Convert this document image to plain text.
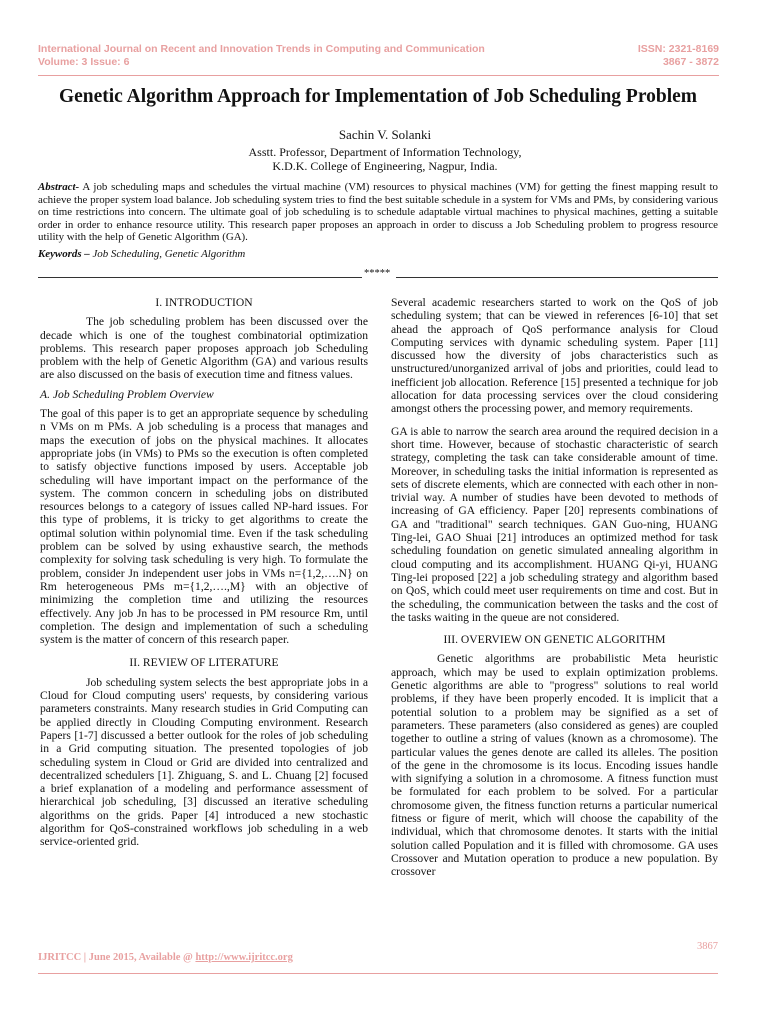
International Journal on Recent and Innovation Trends in Computing and Communication
Volume: 3 Issue: 6
ISSN: 2321-8169
3867 - 3872
Genetic Algorithm Approach for Implementation of Job Scheduling Problem
Sachin V. Solanki
Asstt. Professor, Department of Information Technology,
K.D.K. College of Engineering, Nagpur, India.
Abstract- A job scheduling maps and schedules the virtual machine (VM) resources to physical machines (VM) for getting the finest mapping result to achieve the proper system load balance. Job scheduling system tries to find the best suitable schedule in a system for VMs and PMs, by considering various on time restrictions into concern. The ultimate goal of job scheduling is to schedule adaptable virtual machines to physical machines, getting a suitable order in order to enhance resource utility. This research paper proposes an approach in order to discuss a Job Scheduling problem to progress resource utility with the help of Genetic Algorithm (GA).
Keywords – Job Scheduling, Genetic Algorithm
*****

I. INTRODUCTION

The job scheduling problem has been discussed over the decade which is one of the toughest combinatorial optimization problems. This research paper proposes approach job Scheduling problem with the help of Genetic Algorithm (GA) and various results are also discussed on the basis of execution time and fitness values.

A. Job Scheduling Problem Overview

The goal of this paper is to get an appropriate sequence by scheduling n VMs on m PMs. A job scheduling is a process that manages and maps the execution of jobs on the physical machines. It allocates appropriate jobs (in VMs) to PMs so the execution is often completed to satisfy objective functions imposed by users. Acceptable job scheduling will have important impact on the performance of the system. The common concern in scheduling jobs on distributed resources belongs to a category of issues called NP-hard issues. For this type of problems, it is tricky to get algorithms to create the optimal solution within polynomial time. Even if the task scheduling problem can be solved by using exhaustive search, the methods complexity for solving task scheduling is very high. To formulate the problem, consider Jn independent user jobs in VMs n={1,2,….N} on Rm heterogeneous PMs m={1,2,….,M} with an objective of minimizing the completion time and utilizing the resources effectively. Any job Jn has to be processed in PM resource Rm, until completion. The design and implementation of such a scheduling system is the matter of concern of this research paper.

II. REVIEW OF LITERATURE

Job scheduling system selects the best appropriate jobs in a Cloud for Cloud computing users' requests, by considering various parameters constraints. Many research studies in Grid Computing can be applied directly in Clouding Computing environment. Research Papers [1-7] discussed a better outlook for the roles of job scheduling in a Grid computing situation. The presented topologies of job scheduling system in Cloud or Grid are divided into centralized and decentralized schedulers [1]. Zhiguang, S. and L. Chuang [2] focused a brief explanation of a modeling and performance assessment of hierarchical job scheduling, [3] discussed an iterative scheduling algorithms on the grids. Paper [4] introduced a new stochastic algorithm for QoS-constrained workflows job scheduling in a web service-oriented grid.

Several academic researchers started to work on the QoS of job scheduling system; that can be viewed in references [6-10] that set ahead the approach of QoS performance analysis for Cloud Computing services with dynamic scheduling system. Paper [11] discussed how the diversity of jobs characteristics such as unstructured/unorganized arrival of jobs and priorities, could lead to inefficient job allocation. Reference [15] presented a technique for job allocation for data processing services over the cloud considering amongst others the processing power, and memory requirements.

GA is able to narrow the search area around the required decision in a short time. However, because of stochastic characteristic of search strategy, completing the task can take considerable amount of time. Moreover, in scheduling tasks the initial information is represented as sets of discrete elements, which are connected with each other in non-trivial way. A number of studies have been devoted to methods of increasing of GA efficiency. Paper [20] represents combinations of GA and "traditional" search techniques. GAN Guo-ning, HUANG Ting-lei, GAO Shuai [21] introduces an optimized method for task scheduling foundation on genetic simulated annealing algorithm in cloud computing and its accomplishment. HUANG Qi-yi, HUANG Ting-lei proposed [22] a job scheduling strategy and algorithm based on QoS, which could meet user requirements on time and cost. But in the scheduling, the communication between the tasks and the cost of the tasks waiting in the queue are not considered.

III. OVERVIEW ON GENETIC ALGORITHM

Genetic algorithms are probabilistic Meta heuristic approach, which may be used to explain optimization problems. Genetic algorithms are able to "progress" solutions to real world problems, if they have been properly encoded. It is implicit that a potential solution to a problem may be signified as a set of parameters. These parameters (also considered as genes) are coupled together to outline a string of values (known as a chromosome). The particular values the genes denote are called its alleles. The position of the gene in the chromosome is its locus. Encoding issues handle with signifying a solution in a chromosome. A fitness function must be formulated for each problem to be solved. For a particular chromosome given, the fitness function returns a particular numerical fitness or figure of merit, which will choose the capability of the individual, which that chromosome denotes. It starts with the initial solution called Population and it is filled with chromosome. GA uses Crossover and Mutation operation to produce a new population. By crossover

3867
IJRITCC | June 2015, Available @ http://www.ijritcc.org
